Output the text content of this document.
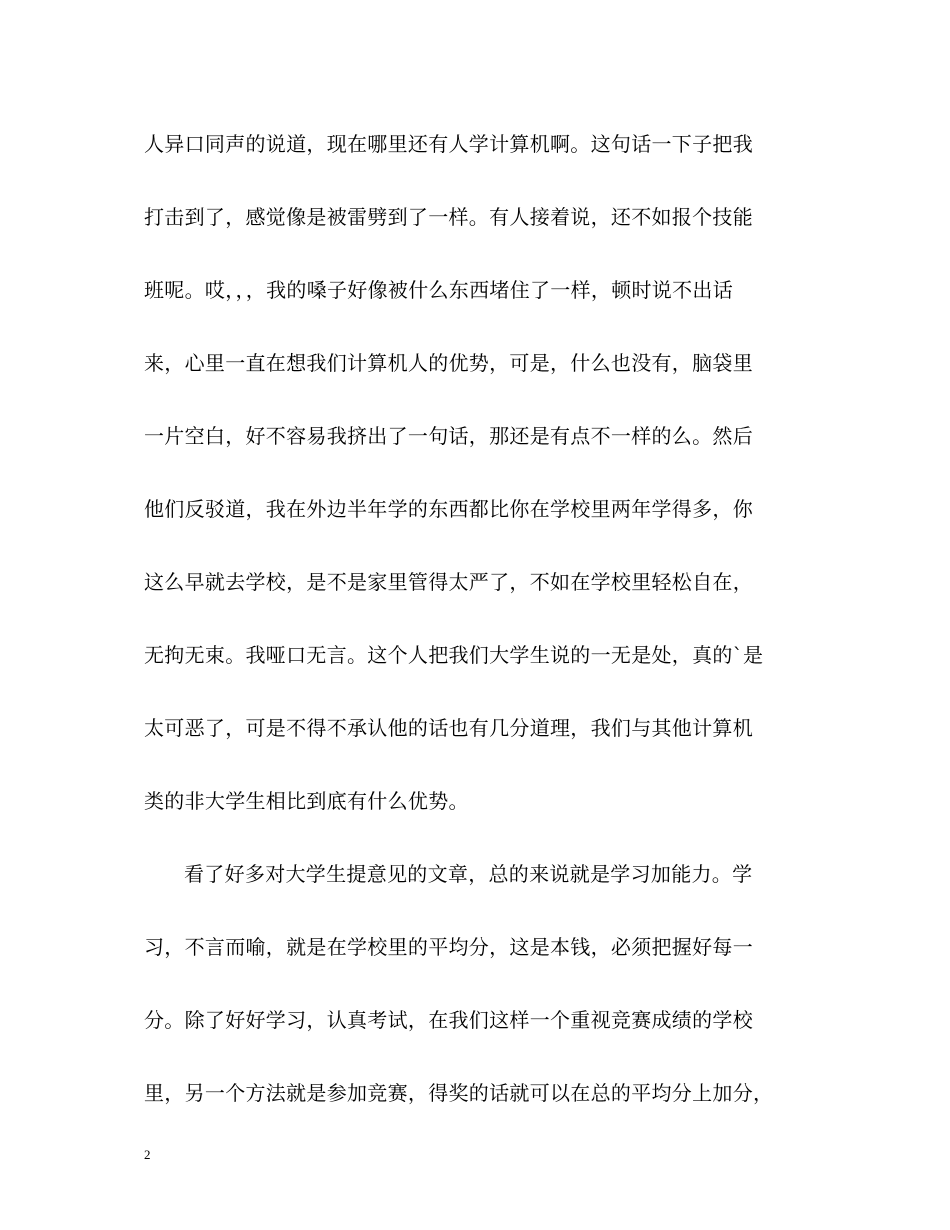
人异口同声的说道，现在哪里还有人学计算机啊。这句话一下子把我
打击到了，感觉像是被雷劈到了一样。有人接着说，还不如报个技能
班呢。哎，，，我的嗓子好像被什么东西堵住了一样，顿时说不出话
来，心里一直在想我们计算机人的优势，可是，什么也没有，脑袋里
一片空白，好不容易我挤出了一句话，那还是有点不一样的么。然后
他们反驳道，我在外边半年学的东西都比你在学校里两年学得多，你
这么早就去学校，是不是家里管得太严了，不如在学校里轻松自在，
无拘无束。我哑口无言。这个人把我们大学生说的一无是处，真的`是
太可恶了，可是不得不承认他的话也有几分道理，我们与其他计算机
类的非大学生相比到底有什么优势。
看了好多对大学生提意见的文章，总的来说就是学习加能力。学
习，不言而喻，就是在学校里的平均分，这是本钱，必须把握好每一
分。除了好好学习，认真考试，在我们这样一个重视竞赛成绩的学校
里，另一个方法就是参加竞赛，得奖的话就可以在总的平均分上加分，
2
